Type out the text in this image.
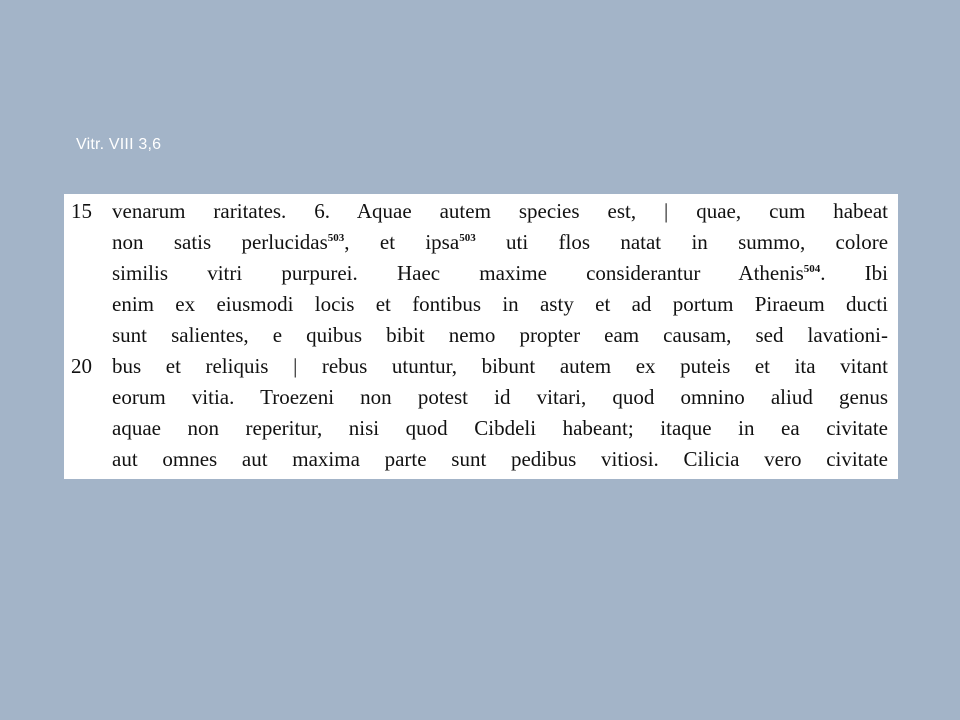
Vitr. VIII 3,6
15 venarum raritates. 6. Aquae autem species est, | quae, cum habeat
non satis perlucidas$^{503}$, et ipsa$^{503}$ uti flos natat in summo, colore
similis vitri purpurei. Haec maxime considerantur Athenis$^{504}$. Ibi
enim ex eiusmodi locis et fontibus in asty et ad portum Piraeum ducti
sunt salientes, e quibus bibit nemo propter eam causam, sed lavationi-
20 bus et reliquis | rebus utuntur, bibunt autem ex puteis et ita vitant
eorum vitia. Troezeni non potest id vitari, quod omnino aliud genus
aquae non reperitur, nisi quod Cibdeli habeant; itaque in ea civitate
aut omnes aut maxima parte sunt pedibus vitiosi. Cilicia vero civitate
